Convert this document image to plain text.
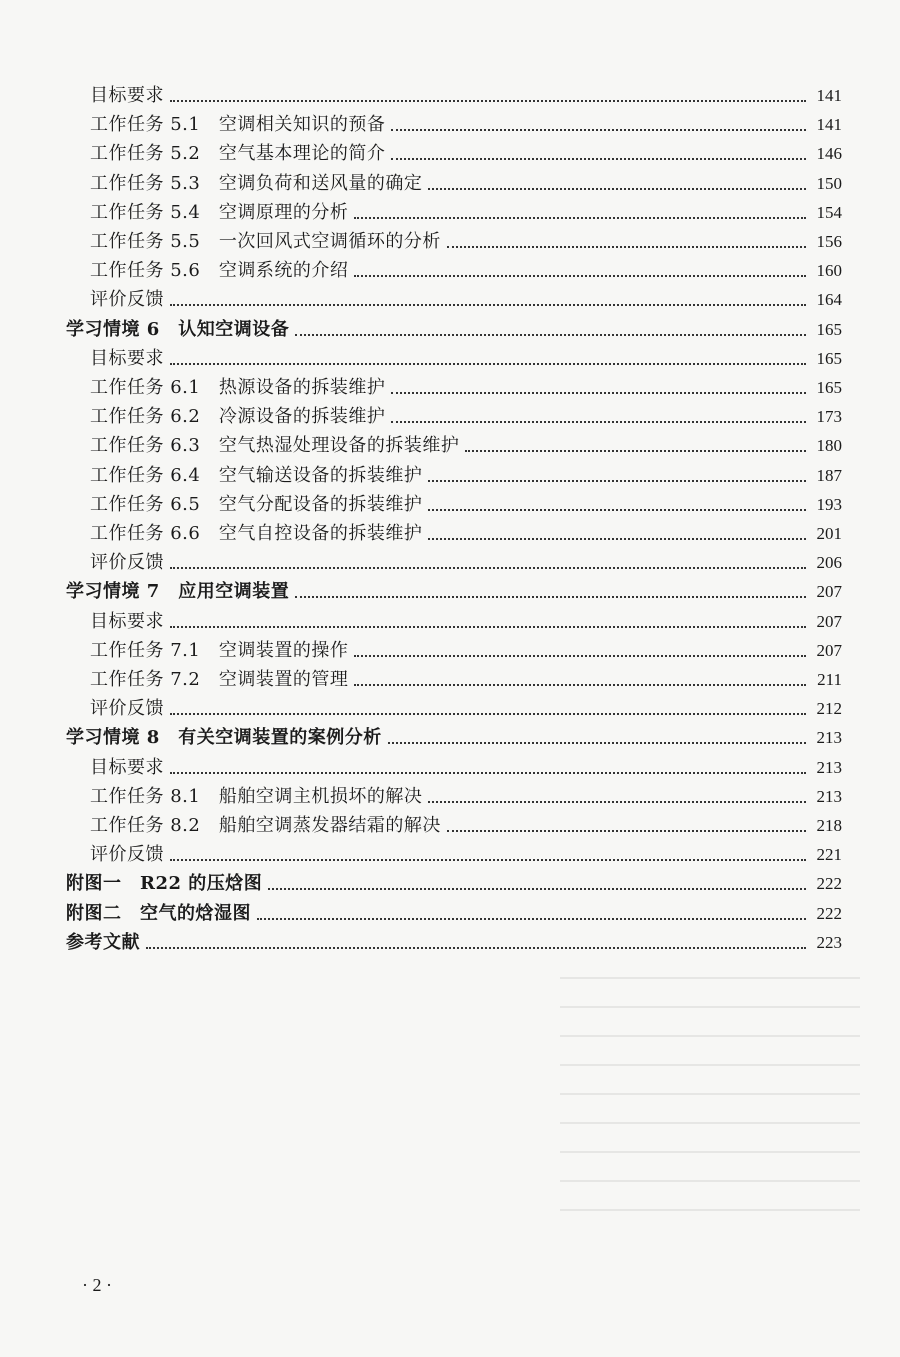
目标要求	141
工作任务 5.1　空调相关知识的预备	141
工作任务 5.2　空气基本理论的简介	146
工作任务 5.3　空调负荷和送风量的确定	150
工作任务 5.4　空调原理的分析	154
工作任务 5.5　一次回风式空调循环的分析	156
工作任务 5.6　空调系统的介绍	160
评价反馈	164
学习情境 6　认知空调设备	165
目标要求	165
工作任务 6.1　热源设备的拆装维护	165
工作任务 6.2　冷源设备的拆装维护	173
工作任务 6.3　空气热湿处理设备的拆装维护	180
工作任务 6.4　空气输送设备的拆装维护	187
工作任务 6.5　空气分配设备的拆装维护	193
工作任务 6.6　空气自控设备的拆装维护	201
评价反馈	206
学习情境 7　应用空调装置	207
目标要求	207
工作任务 7.1　空调装置的操作	207
工作任务 7.2　空调装置的管理	211
评价反馈	212
学习情境 8　有关空调装置的案例分析	213
目标要求	213
工作任务 8.1　船舶空调主机损坏的解决	213
工作任务 8.2　船舶空调蒸发器结霜的解决	218
评价反馈	221
附图一　R22 的压焓图	222
附图二　空气的焓湿图	222
参考文献	223
· 2 ·
